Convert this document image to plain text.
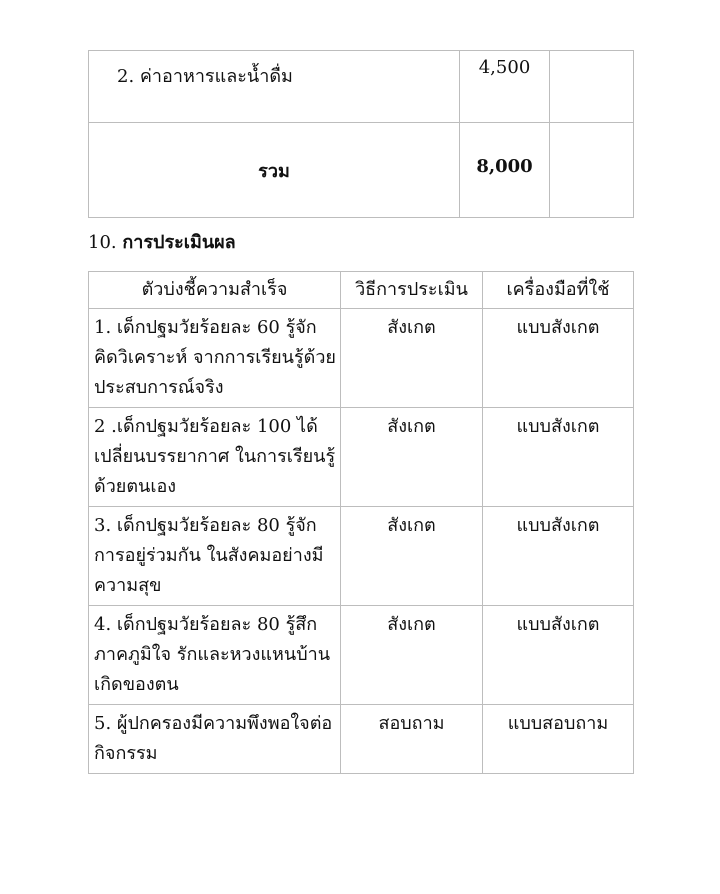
2. ค่าอาหารและน้ำดื่ม	4,500	
รวม	8,000	
10. การประเมินผล
ตัวบ่งชี้ความสำเร็จ	วิธีการประเมิน	เครื่องมือที่ใช้
1. เด็กปฐมวัยร้อยละ 60 รู้จักคิดวิเคราะห์ จากการเรียนรู้ด้วยประสบการณ์จริง	สังเกต	แบบสังเกต
2 .เด็กปฐมวัยร้อยละ 100 ได้เปลี่ยนบรรยากาศ ในการเรียนรู้ด้วยตนเอง	สังเกต	แบบสังเกต
3. เด็กปฐมวัยร้อยละ 80 รู้จักการอยู่ร่วมกัน ในสังคมอย่างมีความสุข	สังเกต	แบบสังเกต
4. เด็กปฐมวัยร้อยละ 80 รู้สึกภาคภูมิใจ รักและหวงแหนบ้านเกิดของตน	สังเกต	แบบสังเกต
5. ผู้ปกครองมีความพึงพอใจต่อกิจกรรม	สอบถาม	แบบสอบถาม
